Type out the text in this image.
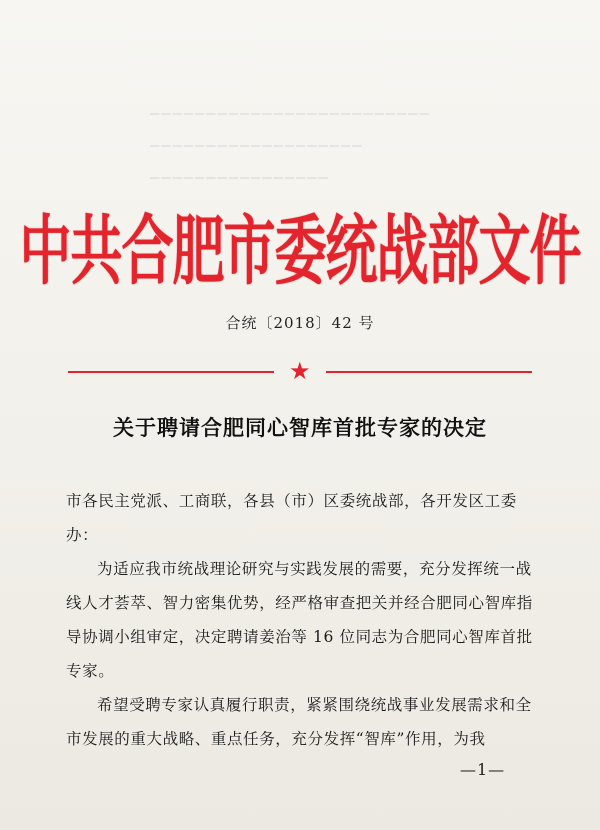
▁▁▁▁▁▁▁▁▁▁▁▁▁▁▁▁▁▁▁▁▁▁▁▁▁
▁▁▁▁▁▁▁▁▁▁▁▁▁▁▁▁▁▁▁
▁▁▁▁▁▁▁▁▁▁▁▁▁▁▁▁
中共合肥市委统战部文件
合统〔2018〕42 号
★
关于聘请合肥同心智库首批专家的决定

市各民主党派、工商联，各县（市）区委统战部，各开发区工委办：

为适应我市统战理论研究与实践发展的需要，充分发挥统一战线人才荟萃、智力密集优势，经严格审查把关并经合肥同心智库指导协调小组审定，决定聘请姜治等 16 位同志为合肥同心智库首批专家。

希望受聘专家认真履行职责，紧紧围绕统战事业发展需求和全市发展的重大战略、重点任务，充分发挥“智库”作用，为我

—1—
